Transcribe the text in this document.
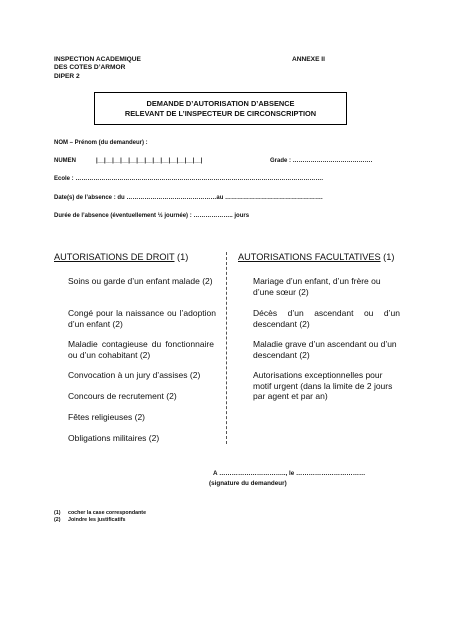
INSPECTION ACADEMIQUE
DES COTES D’ARMOR
DIPER 2
ANNEXE II
DEMANDE D’AUTORISATION D’ABSENCE
RELEVANT DE L’INSPECTEUR DE CIRCONSCRIPTION
NOM – Prénom (du demandeur) :
NUMEN	|__|__|__|__|__|__|__|__|__|__|__|__|__|	Grade : ………………………………….
Ecole : …………………………………………………………………………………………………………….
Date(s) de l’absence : du ………………………………………au ………………………………………….
Durée de l’absence (éventuellement ½ journée) : ……………….. jours
AUTORISATIONS DE DROIT (1)	AUTORISATIONS FACULTATIVES (1)
Soins ou garde d’un enfant malade (2)
Congé pour la naissance ou l’adoption d’un enfant (2)
Maladie contagieuse du fonctionnaire ou d’un cohabitant (2)
Convocation à un jury d’assises (2)
Concours de recrutement (2)
Fêtes religieuses (2)
Obligations militaires (2)
Mariage d’un enfant, d’un frère ou d’une sœur (2)
Décès d’un ascendant ou d’un descendant (2)
Maladie grave d’un ascendant ou d’un descendant (2)
Autorisations exceptionnelles pour motif urgent (dans la limite de 2 jours par agent et par an)
A ………………………….., le ……………………………
(signature du demandeur)
(1) cocher la case correspondante
(2) Joindre les justificatifs
